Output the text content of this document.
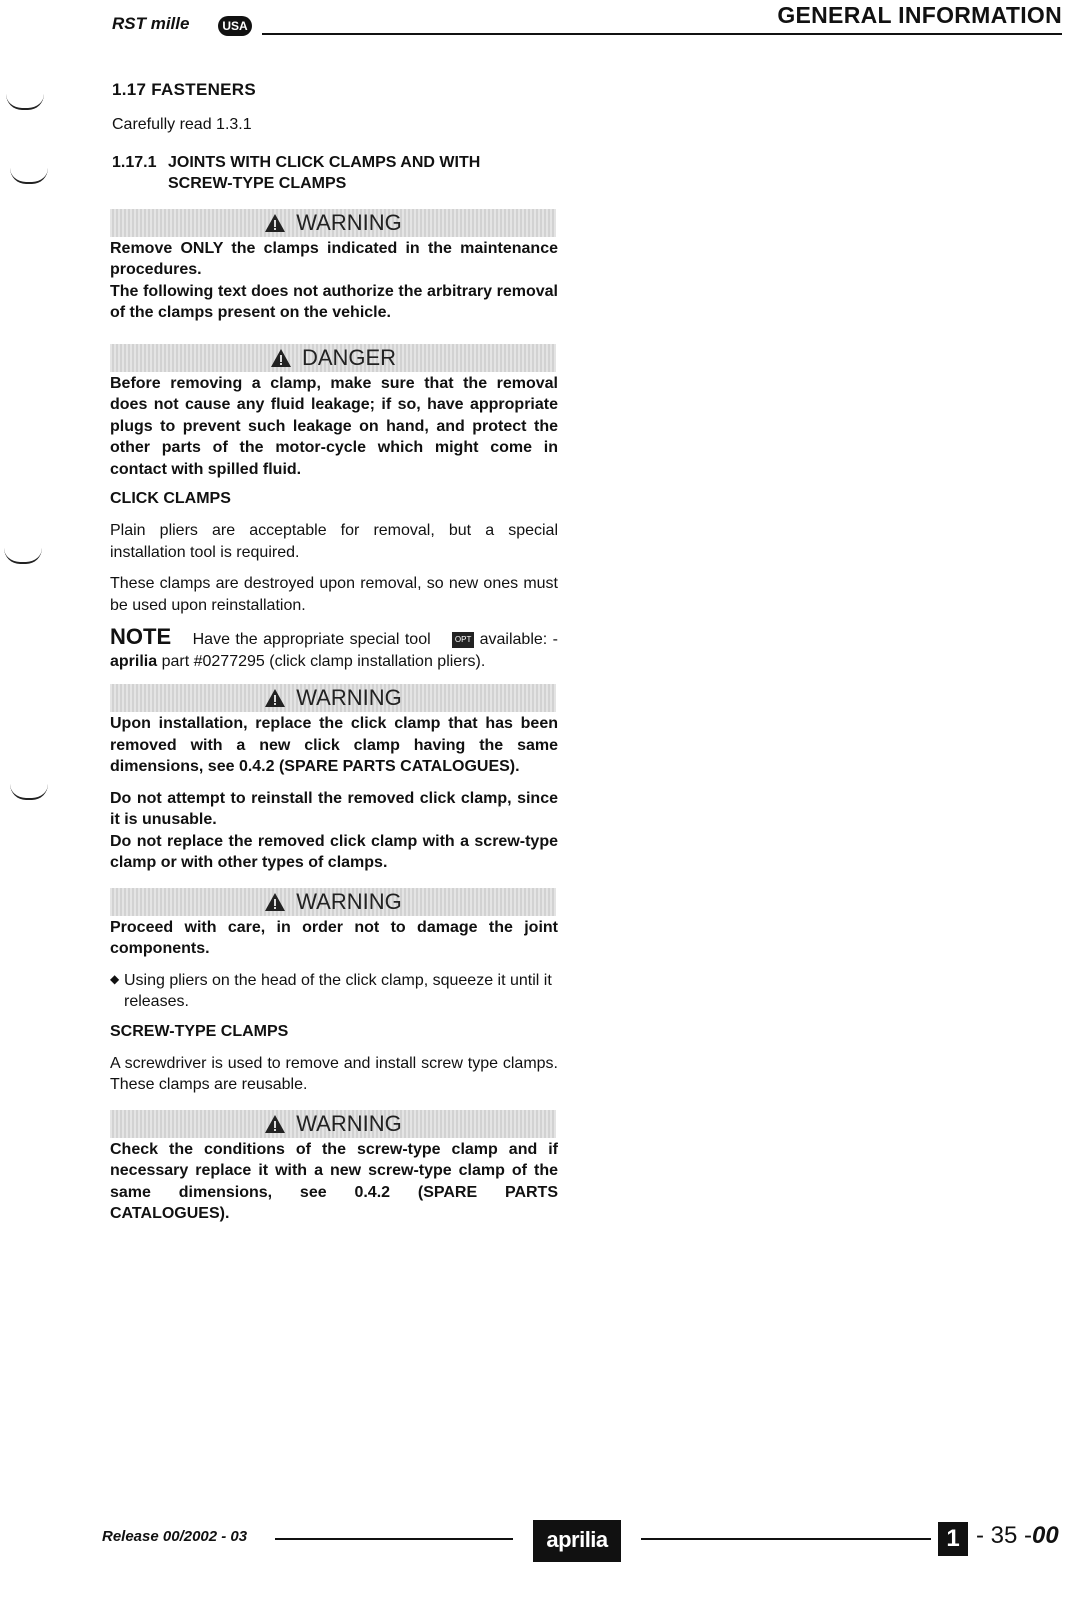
RST mille	USA	GENERAL INFORMATION
1.17 FASTENERS
Carefully read 1.3.1
1.17.1 JOINTS WITH CLICK CLAMPS AND WITH
SCREW-TYPE CLAMPS
WARNING
Remove ONLY the clamps indicated in the maintenance procedures.
The following text does not authorize the arbitrary removal of the clamps present on the vehicle.
DANGER
Before removing a clamp, make sure that the removal does not cause any fluid leakage; if so, have appropriate plugs to prevent such leakage on hand, and protect the other parts of the motor-cycle which might come in contact with spilled fluid.
CLICK CLAMPS
Plain pliers are acceptable for removal, but a special installation tool is required.
These clamps are destroyed upon removal, so new ones must be used upon reinstallation.
NOTE Have the appropriate special tool	OPT available: - aprilia part #0277295 (click clamp installation pliers).
WARNING
Upon installation, replace the click clamp that has been removed with a new click clamp having the same dimensions, see 0.4.2 (SPARE PARTS CATALOGUES).
Do not attempt to reinstall the removed click clamp, since it is unusable.
Do not replace the removed click clamp with a screw-type clamp or with other types of clamps.
WARNING
Proceed with care, in order not to damage the joint components.
◆ Using pliers on the head of the click clamp, squeeze it until it releases.
SCREW-TYPE CLAMPS
A screwdriver is used to remove and install screw type clamps. These clamps are reusable.
WARNING
Check the conditions of the screw-type clamp and if necessary replace it with a new screw-type clamp of the same dimensions, see 0.4.2 (SPARE PARTS CATALOGUES).
Release 00/2002 - 03	aprilia	1 - 35 -00
